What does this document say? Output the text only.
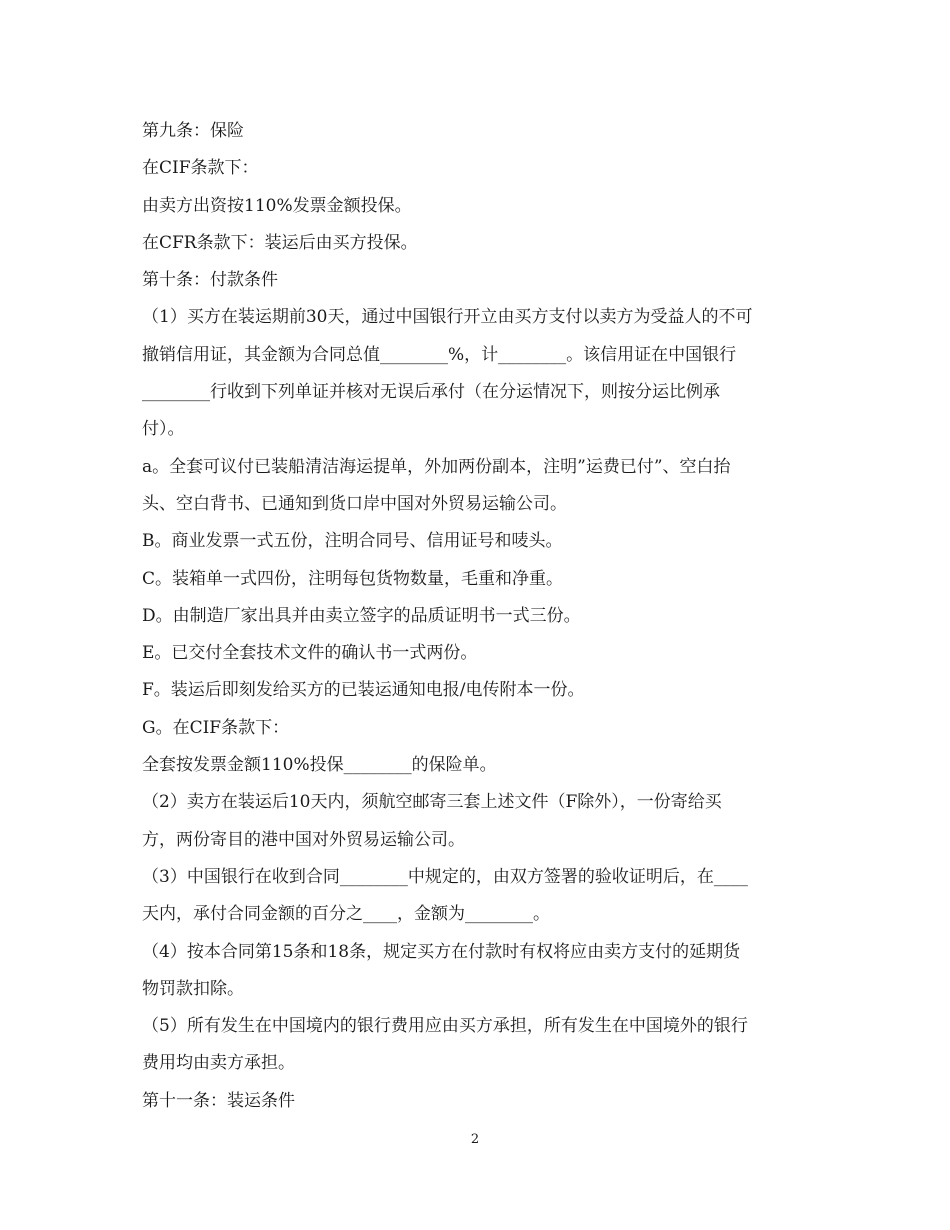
第九条：保险
在CIF条款下：
由卖方出资按110%发票金额投保。
在CFR条款下：装运后由买方投保。
第十条：付款条件
（1）买方在装运期前30天，通过中国银行开立由买方支付以卖方为受益人的不可
撤销信用证，其金额为合同总值________%，计________。该信用证在中国银行
________行收到下列单证并核对无误后承付（在分运情况下，则按分运比例承
付）。
a。全套可议付已装船清洁海运提单，外加两份副本，注明”运费已付”、空白抬
头、空白背书、已通知到货口岸中国对外贸易运输公司。
B。商业发票一式五份，注明合同号、信用证号和唛头。
C。装箱单一式四份，注明每包货物数量，毛重和净重。
D。由制造厂家出具并由卖立签字的品质证明书一式三份。
E。已交付全套技术文件的确认书一式两份。
F。装运后即刻发给买方的已装运通知电报/电传附本一份。
G。在CIF条款下：
全套按发票金额110%投保________的保险单。
（2）卖方在装运后10天内，须航空邮寄三套上述文件（F除外），一份寄给买
方，两份寄目的港中国对外贸易运输公司。
（3）中国银行在收到合同________中规定的，由双方签署的验收证明后，在____
天内，承付合同金额的百分之____，金额为________。
（4）按本合同第15条和18条，规定买方在付款时有权将应由卖方支付的延期货
物罚款扣除。
（5）所有发生在中国境内的银行费用应由买方承担，所有发生在中国境外的银行
费用均由卖方承担。
第十一条：装运条件
2
